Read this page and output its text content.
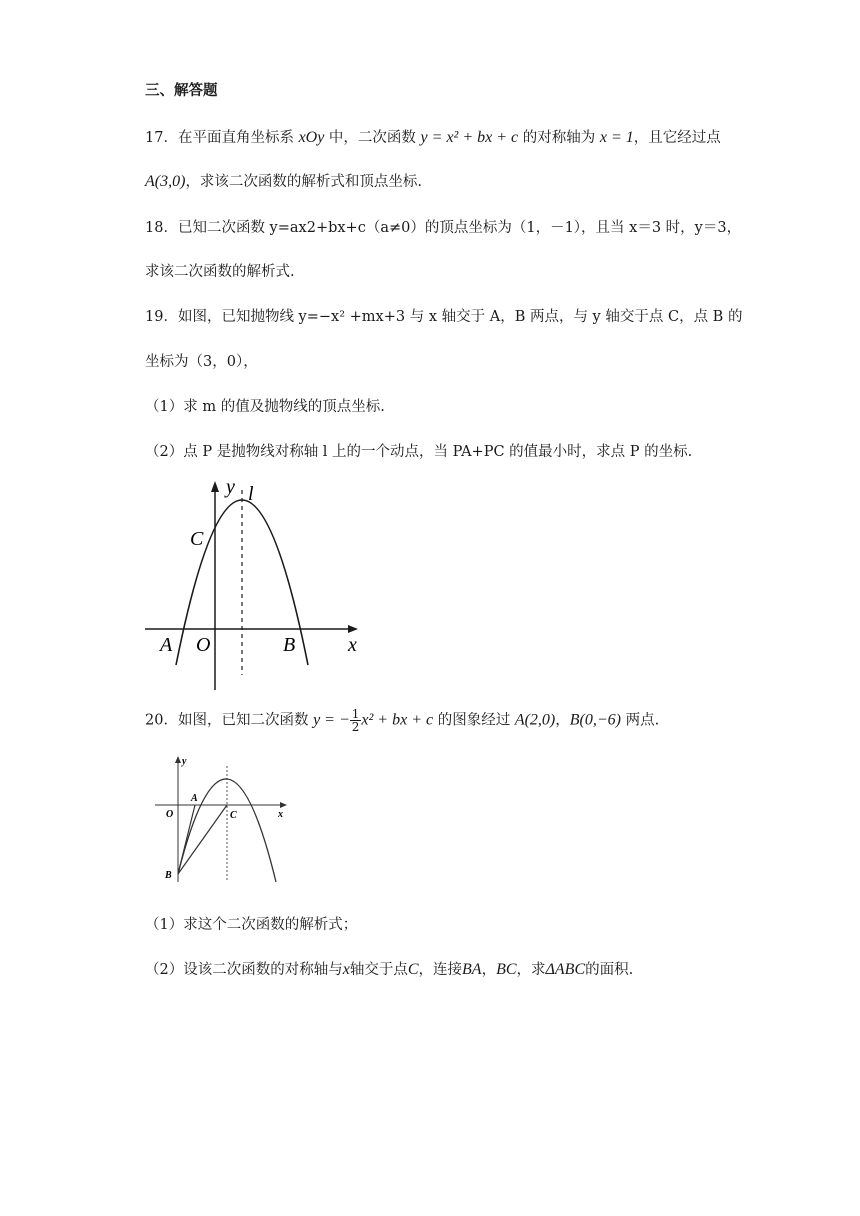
三、解答题
17．在平面直角坐标系 xOy 中，二次函数 y = x² + bx + c 的对称轴为 x = 1，且它经过点
A(3,0)，求该二次函数的解析式和顶点坐标.
18．已知二次函数 y=ax2+bx+c（a≠0）的顶点坐标为（1，－1），且当 x＝3 时，y＝3，
求该二次函数的解析式.
19．如图，已知抛物线 y=−x² +mx+3 与 x 轴交于 A，B 两点，与 y 轴交于点 C，点 B 的
坐标为（3，0），
（1）求 m 的值及抛物线的顶点坐标.
（2）点 P 是抛物线对称轴 l 上的一个动点，当 PA+PC 的值最小时，求点 P 的坐标.
y l
C
A O	B	x
20．如图，已知二次函数 y = − $\frac{1}{2} x^2$ + bx + c 的图象经过 A(2,0)，B(0,−6) 两点.
y
A
O	C	x
B
（1）求这个二次函数的解析式；
（2）设该二次函数的对称轴与x轴交于点C，连接BA，BC，求ΔABC的面积.
